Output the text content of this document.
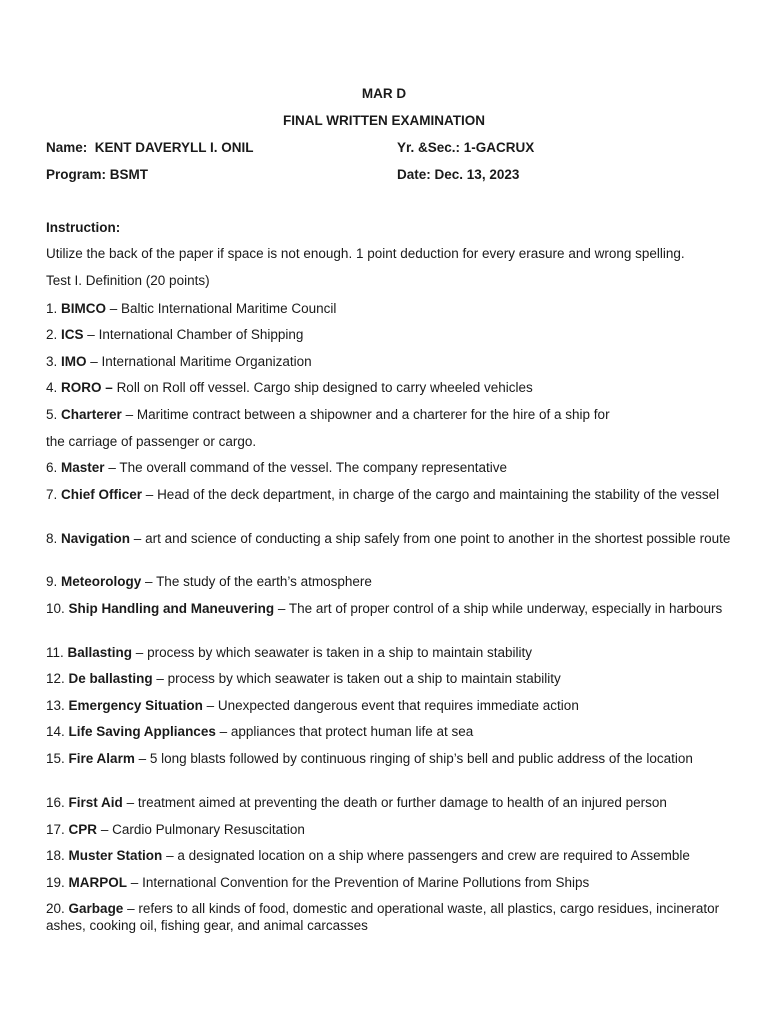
MAR D
FINAL WRITTEN EXAMINATION
Name: KENT DAVERYLL I. ONIL	Yr. &Sec.: 1-GACRUX
Program: BSMT	Date: Dec. 13, 2023
Instruction:
Utilize the back of the paper if space is not enough. 1 point deduction for every erasure and wrong spelling.
Test I. Definition (20 points)
1. BIMCO – Baltic International Maritime Council
2. ICS – International Chamber of Shipping
3. IMO – International Maritime Organization
4. RORO – Roll on Roll off vessel. Cargo ship designed to carry wheeled vehicles
5. Charterer – Maritime contract between a shipowner and a charterer for the hire of a ship for
the carriage of passenger or cargo.
6. Master – The overall command of the vessel. The company representative
7. Chief Officer – Head of the deck department, in charge of the cargo and maintaining the stability of the vessel
8. Navigation – art and science of conducting a ship safely from one point to another in the shortest possible route
9. Meteorology – The study of the earth’s atmosphere
10. Ship Handling and Maneuvering – The art of proper control of a ship while underway, especially in harbours
11. Ballasting – process by which seawater is taken in a ship to maintain stability
12. De ballasting – process by which seawater is taken out a ship to maintain stability
13. Emergency Situation – Unexpected dangerous event that requires immediate action
14. Life Saving Appliances – appliances that protect human life at sea
15. Fire Alarm – 5 long blasts followed by continuous ringing of ship’s bell and public address of the location
16. First Aid – treatment aimed at preventing the death or further damage to health of an injured person
17. CPR – Cardio Pulmonary Resuscitation
18. Muster Station – a designated location on a ship where passengers and crew are required to Assemble
19. MARPOL – International Convention for the Prevention of Marine Pollutions from Ships
20. Garbage – refers to all kinds of food, domestic and operational waste, all plastics, cargo residues, incinerator ashes, cooking oil, fishing gear, and animal carcasses
